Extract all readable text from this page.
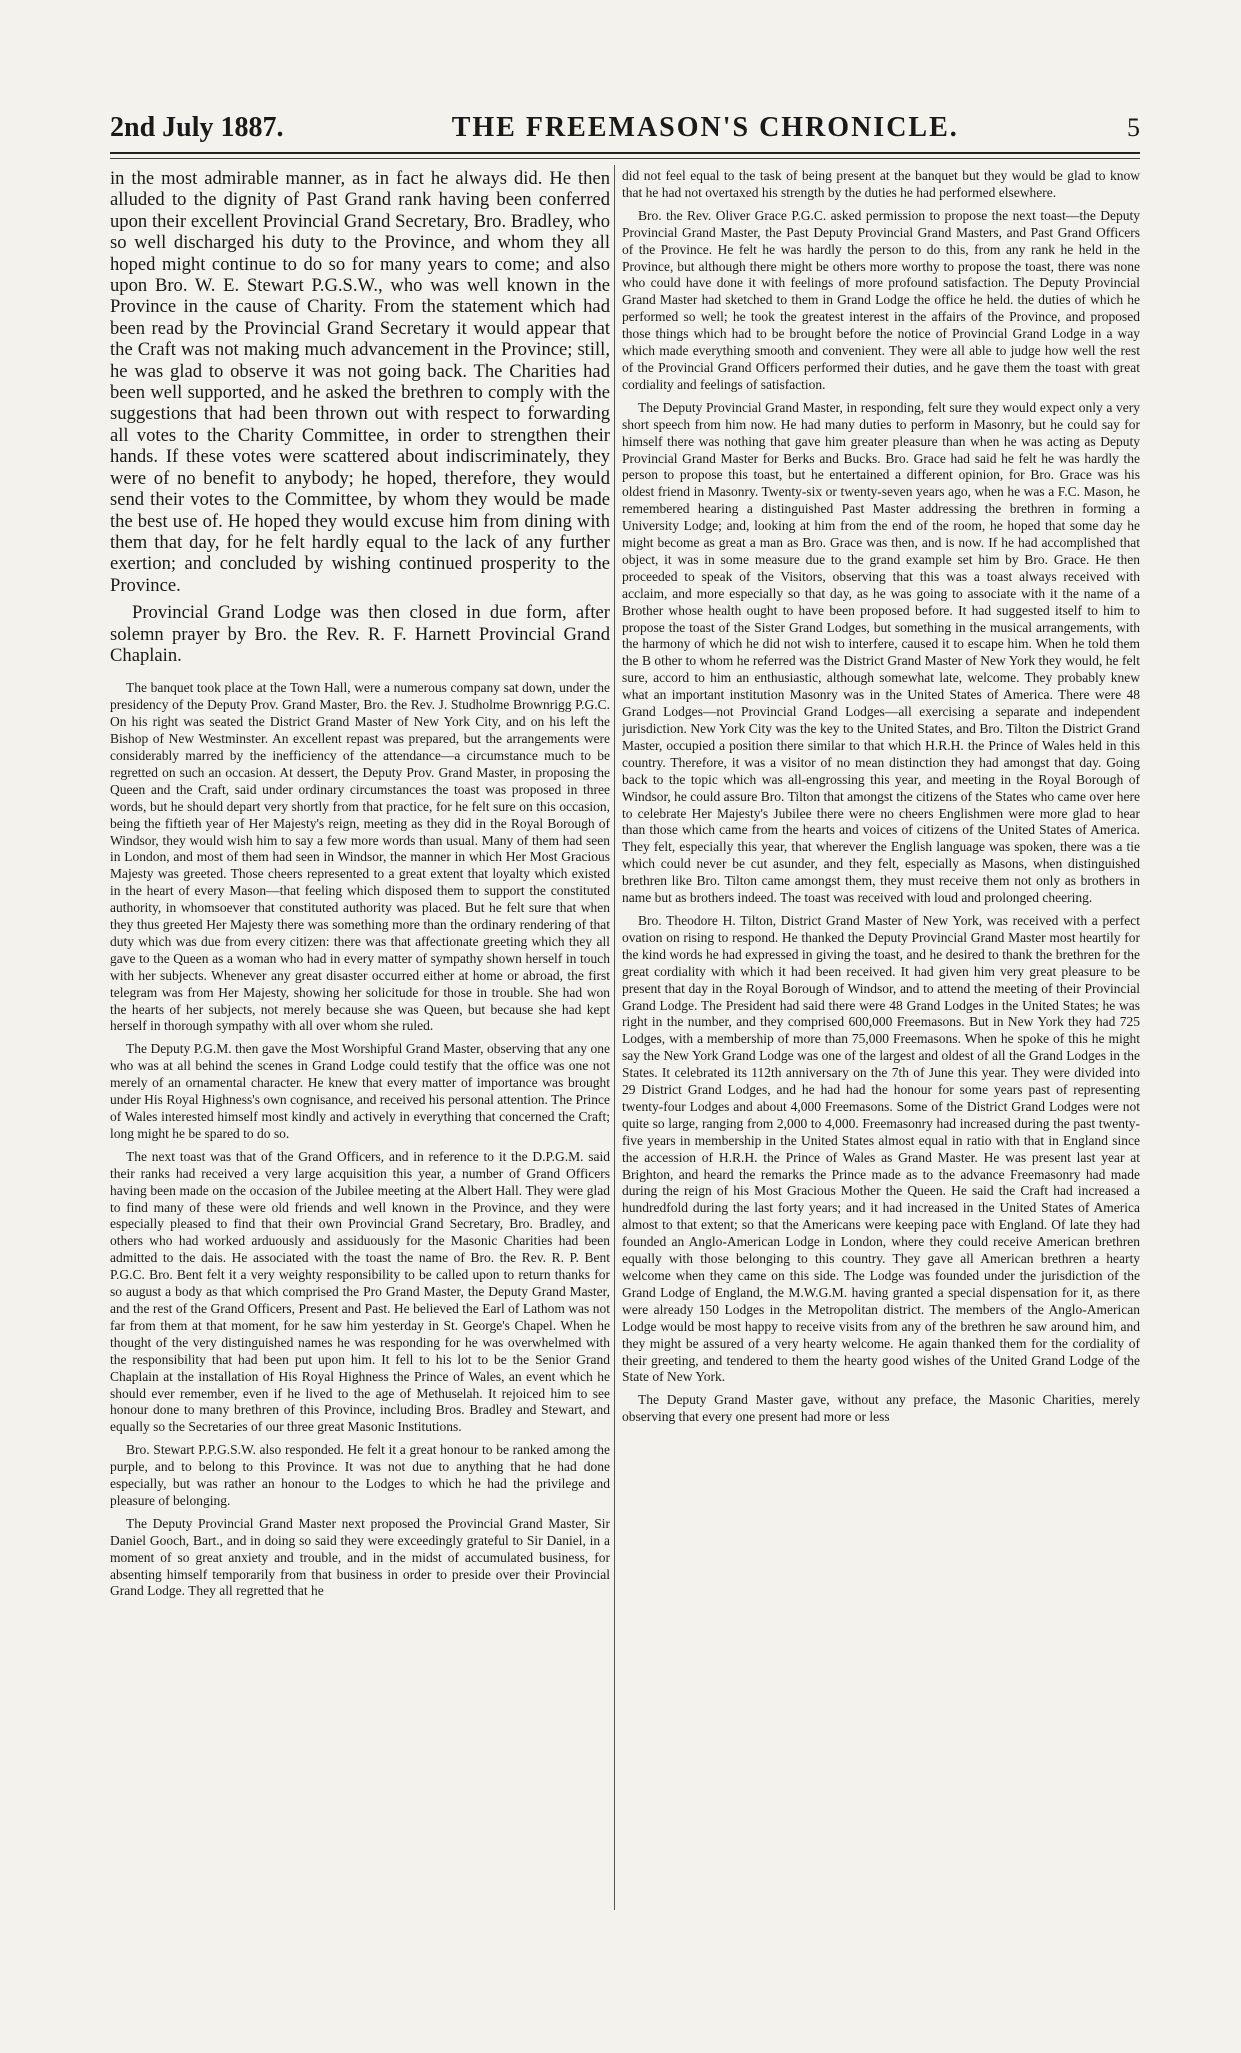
2nd July 1887.	THE FREEMASON'S CHRONICLE.	5

in the most admirable manner, as in fact he always did. He then alluded to the dignity of Past Grand rank having been conferred upon their excellent Provincial Grand Secretary, Bro. Bradley, who so well discharged his duty to the Province, and whom they all hoped might continue to do so for many years to come; and also upon Bro. W. E. Stewart P.G.S.W., who was well known in the Province in the cause of Charity. From the statement which had been read by the Provincial Grand Secretary it would appear that the Craft was not making much advancement in the Province; still, he was glad to observe it was not going back. The Charities had been well supported, and he asked the brethren to comply with the suggestions that had been thrown out with respect to forwarding all votes to the Charity Committee, in order to strengthen their hands. If these votes were scattered about indiscriminately, they were of no benefit to anybody; he hoped, therefore, they would send their votes to the Committee, by whom they would be made the best use of. He hoped they would excuse him from dining with them that day, for he felt hardly equal to the lack of any further exertion; and concluded by wishing continued prosperity to the Province.

Provincial Grand Lodge was then closed in due form, after solemn prayer by Bro. the Rev. R. F. Harnett Provincial Grand Chaplain.

The banquet took place at the Town Hall, were a numerous company sat down, under the presidency of the Deputy Prov. Grand Master, Bro. the Rev. J. Studholme Brownrigg P.G.C. On his right was seated the District Grand Master of New York City, and on his left the Bishop of New Westminster. An excellent repast was prepared, but the arrangements were considerably marred by the inefficiency of the attendance—a circumstance much to be regretted on such an occasion. At dessert, the Deputy Prov. Grand Master, in proposing the Queen and the Craft, said under ordinary circumstances the toast was proposed in three words, but he should depart very shortly from that practice, for he felt sure on this occasion, being the fiftieth year of Her Majesty's reign, meeting as they did in the Royal Borough of Windsor, they would wish him to say a few more words than usual. Many of them had seen in London, and most of them had seen in Windsor, the manner in which Her Most Gracious Majesty was greeted. Those cheers represented to a great extent that loyalty which existed in the heart of every Mason—that feeling which disposed them to support the constituted authority, in whomsoever that constituted authority was placed. But he felt sure that when they thus greeted Her Majesty there was something more than the ordinary rendering of that duty which was due from every citizen: there was that affectionate greeting which they all gave to the Queen as a woman who had in every matter of sympathy shown herself in touch with her subjects. Whenever any great disaster occurred either at home or abroad, the first telegram was from Her Majesty, showing her solicitude for those in trouble. She had won the hearts of her subjects, not merely because she was Queen, but because she had kept herself in thorough sympathy with all over whom she ruled.

The Deputy P.G.M. then gave the Most Worshipful Grand Master, observing that any one who was at all behind the scenes in Grand Lodge could testify that the office was one not merely of an ornamental character. He knew that every matter of importance was brought under His Royal Highness's own cognisance, and received his personal attention. The Prince of Wales interested himself most kindly and actively in everything that concerned the Craft; long might he be spared to do so.

The next toast was that of the Grand Officers, and in reference to it the D.P.G.M. said their ranks had received a very large acquisition this year, a number of Grand Officers having been made on the occasion of the Jubilee meeting at the Albert Hall. They were glad to find many of these were old friends and well known in the Province, and they were especially pleased to find that their own Provincial Grand Secretary, Bro. Bradley, and others who had worked arduously and assiduously for the Masonic Charities had been admitted to the dais. He associated with the toast the name of Bro. the Rev. R. P. Bent P.G.C. Bro. Bent felt it a very weighty responsibility to be called upon to return thanks for so august a body as that which comprised the Pro Grand Master, the Deputy Grand Master, and the rest of the Grand Officers, Present and Past. He believed the Earl of Lathom was not far from them at that moment, for he saw him yesterday in St. George's Chapel. When he thought of the very distinguished names he was responding for he was overwhelmed with the responsibility that had been put upon him. It fell to his lot to be the Senior Grand Chaplain at the installation of His Royal Highness the Prince of Wales, an event which he should ever remember, even if he lived to the age of Methuselah. It rejoiced him to see honour done to many brethren of this Province, including Bros. Bradley and Stewart, and equally so the Secretaries of our three great Masonic Institutions.

Bro. Stewart P.P.G.S.W. also responded. He felt it a great honour to be ranked among the purple, and to belong to this Province. It was not due to anything that he had done especially, but was rather an honour to the Lodges to which he had the privilege and pleasure of belonging.

The Deputy Provincial Grand Master next proposed the Provincial Grand Master, Sir Daniel Gooch, Bart., and in doing so said they were exceedingly grateful to Sir Daniel, in a moment of so great anxiety and trouble, and in the midst of accumulated business, for absenting himself temporarily from that business in order to preside over their Provincial Grand Lodge. They all regretted that he

did not feel equal to the task of being present at the banquet but they would be glad to know that he had not overtaxed his strength by the duties he had performed elsewhere.

Bro. the Rev. Oliver Grace P.G.C. asked permission to propose the next toast—the Deputy Provincial Grand Master, the Past Deputy Provincial Grand Masters, and Past Grand Officers of the Province. He felt he was hardly the person to do this, from any rank he held in the Province, but although there might be others more worthy to propose the toast, there was none who could have done it with feelings of more profound satisfaction. The Deputy Provincial Grand Master had sketched to them in Grand Lodge the office he held. the duties of which he performed so well; he took the greatest interest in the affairs of the Province, and proposed those things which had to be brought before the notice of Provincial Grand Lodge in a way which made everything smooth and convenient. They were all able to judge how well the rest of the Provincial Grand Officers performed their duties, and he gave them the toast with great cordiality and feelings of satisfaction.

The Deputy Provincial Grand Master, in responding, felt sure they would expect only a very short speech from him now. He had many duties to perform in Masonry, but he could say for himself there was nothing that gave him greater pleasure than when he was acting as Deputy Provincial Grand Master for Berks and Bucks. Bro. Grace had said he felt he was hardly the person to propose this toast, but he entertained a different opinion, for Bro. Grace was his oldest friend in Masonry. Twenty-six or twenty-seven years ago, when he was a F.C. Mason, he remembered hearing a distinguished Past Master addressing the brethren in forming a University Lodge; and, looking at him from the end of the room, he hoped that some day he might become as great a man as Bro. Grace was then, and is now. If he had accomplished that object, it was in some measure due to the grand example set him by Bro. Grace. He then proceeded to speak of the Visitors, observing that this was a toast always received with acclaim, and more especially so that day, as he was going to associate with it the name of a Brother whose health ought to have been proposed before. It had suggested itself to him to propose the toast of the Sister Grand Lodges, but something in the musical arrangements, with the harmony of which he did not wish to interfere, caused it to escape him. When he told them the B other to whom he referred was the District Grand Master of New York they would, he felt sure, accord to him an enthusiastic, although somewhat late, welcome. They probably knew what an important institution Masonry was in the United States of America. There were 48 Grand Lodges—not Provincial Grand Lodges—all exercising a separate and independent jurisdiction. New York City was the key to the United States, and Bro. Tilton the District Grand Master, occupied a position there similar to that which H.R.H. the Prince of Wales held in this country. Therefore, it was a visitor of no mean distinction they had amongst that day. Going back to the topic which was all-engrossing this year, and meeting in the Royal Borough of Windsor, he could assure Bro. Tilton that amongst the citizens of the States who came over here to celebrate Her Majesty's Jubilee there were no cheers Englishmen were more glad to hear than those which came from the hearts and voices of citizens of the United States of America. They felt, especially this year, that wherever the English language was spoken, there was a tie which could never be cut asunder, and they felt, especially as Masons, when distinguished brethren like Bro. Tilton came amongst them, they must receive them not only as brothers in name but as brothers indeed. The toast was received with loud and prolonged cheering.

Bro. Theodore H. Tilton, District Grand Master of New York, was received with a perfect ovation on rising to respond. He thanked the Deputy Provincial Grand Master most heartily for the kind words he had expressed in giving the toast, and he desired to thank the brethren for the great cordiality with which it had been received. It had given him very great pleasure to be present that day in the Royal Borough of Windsor, and to attend the meeting of their Provincial Grand Lodge. The President had said there were 48 Grand Lodges in the United States; he was right in the number, and they comprised 600,000 Freemasons. But in New York they had 725 Lodges, with a membership of more than 75,000 Freemasons. When he spoke of this he might say the New York Grand Lodge was one of the largest and oldest of all the Grand Lodges in the States. It celebrated its 112th anniversary on the 7th of June this year. They were divided into 29 District Grand Lodges, and he had had the honour for some years past of representing twenty-four Lodges and about 4,000 Freemasons. Some of the District Grand Lodges were not quite so large, ranging from 2,000 to 4,000. Freemasonry had increased during the past twenty-five years in membership in the United States almost equal in ratio with that in England since the accession of H.R.H. the Prince of Wales as Grand Master. He was present last year at Brighton, and heard the remarks the Prince made as to the advance Freemasonry had made during the reign of his Most Gracious Mother the Queen. He said the Craft had increased a hundredfold during the last forty years; and it had increased in the United States of America almost to that extent; so that the Americans were keeping pace with England. Of late they had founded an Anglo-American Lodge in London, where they could receive American brethren equally with those belonging to this country. They gave all American brethren a hearty welcome when they came on this side. The Lodge was founded under the jurisdiction of the Grand Lodge of England, the M.W.G.M. having granted a special dispensation for it, as there were already 150 Lodges in the Metropolitan district. The members of the Anglo-American Lodge would be most happy to receive visits from any of the brethren he saw around him, and they might be assured of a very hearty welcome. He again thanked them for the cordiality of their greeting, and tendered to them the hearty good wishes of the United Grand Lodge of the State of New York.

The Deputy Grand Master gave, without any preface, the Masonic Charities, merely observing that every one present had more or less
